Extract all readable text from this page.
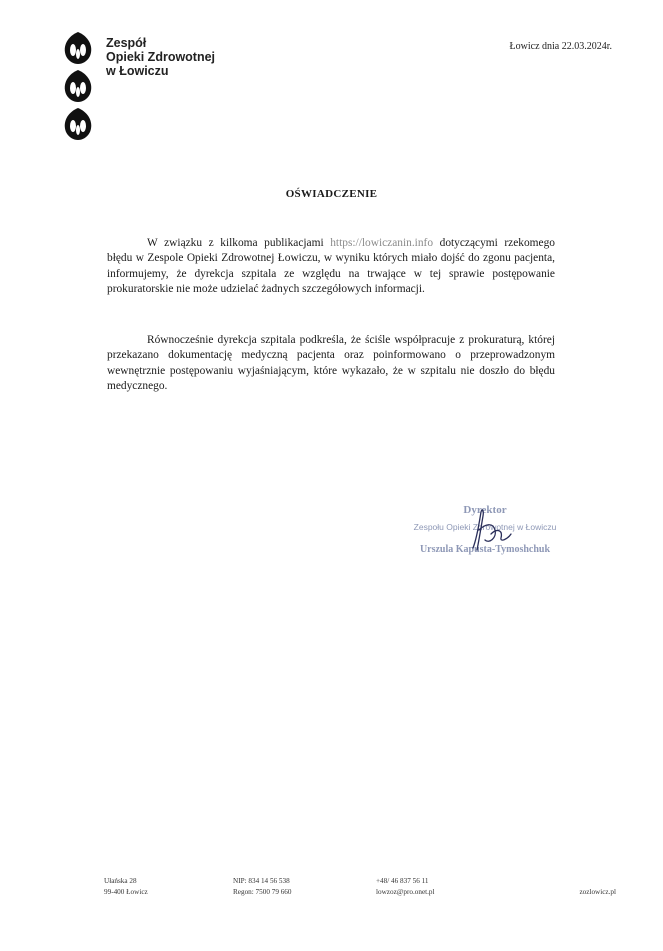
Zespół
Opieki Zdrowotnej
w Łowiczu
Łowicz dnia 22.03.2024r.
OŚWIADCZENIE
W związku z kilkoma publikacjami https://lowiczanin.info dotyczącymi rzekomego błędu w Zespole Opieki Zdrowotnej Łowiczu, w wyniku których miało dojść do zgonu pacjenta, informujemy, że dyrekcja szpitala ze względu na trwające w tej sprawie postępowanie prokuratorskie nie może udzielać żadnych szczegółowych informacji.
Równocześnie dyrekcja szpitala podkreśla, że ściśle współpracuje z prokuraturą, której przekazano dokumentację medyczną pacjenta oraz poinformowano o przeprowadzonym wewnętrznie postępowaniu wyjaśniającym, które wykazało, że w szpitalu nie doszło do błędu medycznego.
Dyrektor
Zespołu Opieki Zdrowotnej w Łowiczu
Urszula Kapusta-Tymoshchuk
Ułańska 28
99-400 Łowicz
NIP: 834 14 56 538
Regon: 7500 79 660
+48/ 46 837 56 11
lowzoz@pro.onet.pl	zozlowicz.pl
